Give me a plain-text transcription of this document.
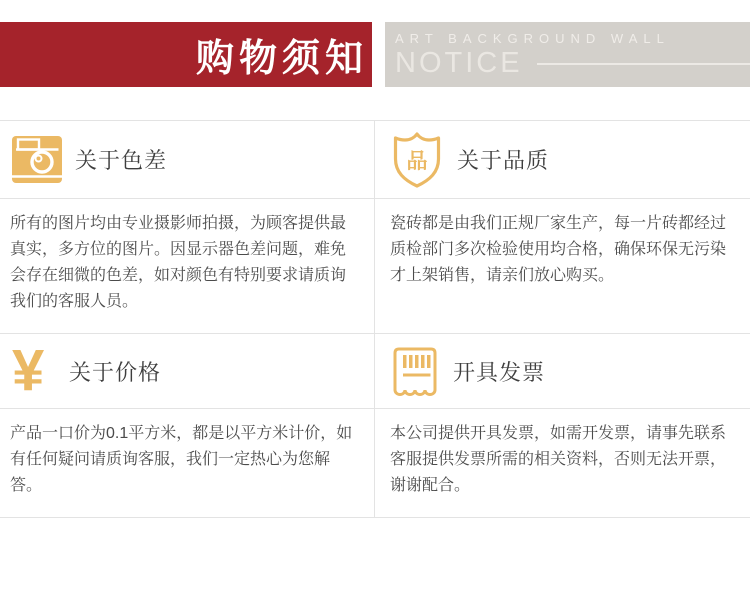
购物须知 ART BACKGROUND WALL
NOTICE
关于色差	品 关于品质
所有的图片均由专业摄影师拍摄，为顾客提供最真实，多方位的图片。因显示器色差问题，难免会存在细微的色差，如对颜色有特别要求请质询我们的客服人员。
瓷砖都是由我们正规厂家生产，每一片砖都经过质检部门多次检验使用均合格，确保环保无污染才上架销售，请亲们放心购买。
¥	关于价格	开具发票
产品一口价为0.1平方米，都是以平方米计价，如有任何疑问请质询客服，我们一定热心为您解答。
本公司提供开具发票，如需开发票，请事先联系客服提供发票所需的相关资料，否则无法开票，谢谢配合。
